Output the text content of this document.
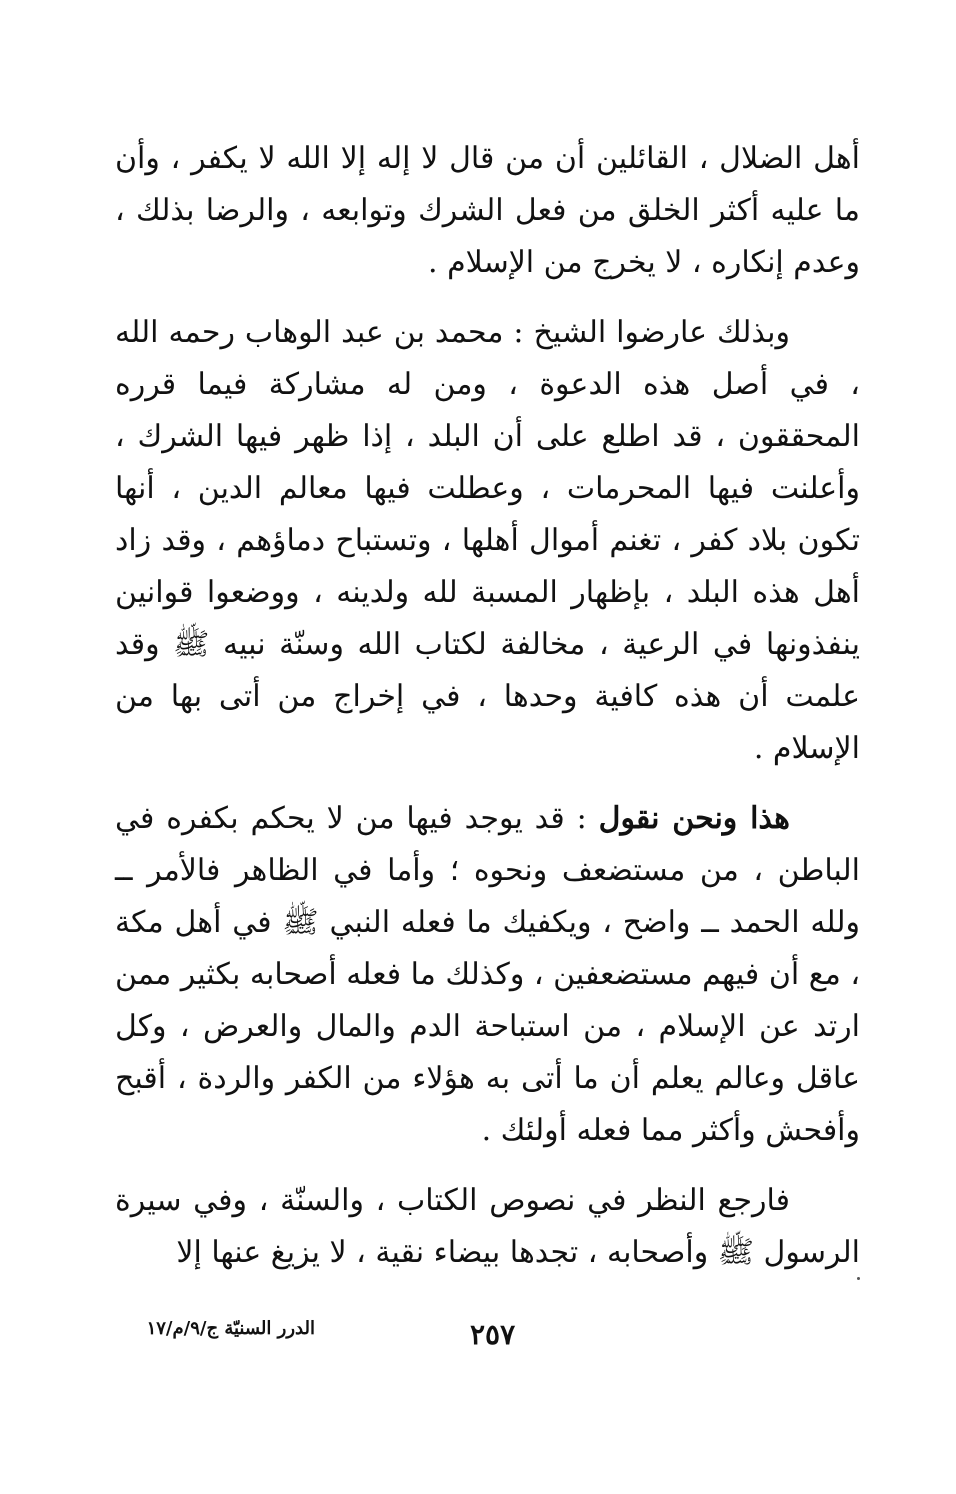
أهل الضلال ، القائلين أن من قال لا إله إلا الله لا يكفر ، وأن ما عليه أكثر الخلق من فعل الشرك وتوابعه ، والرضا بذلك ، وعدم إنكاره ، لا يخرج من الإسلام .

وبذلك عارضوا الشيخ : محمد بن عبد الوهاب رحمه الله ، في أصل هذه الدعوة ، ومن له مشاركة فيما قرره المحققون ، قد اطلع على أن البلد ، إذا ظهر فيها الشرك ، وأعلنت فيها المحرمات ، وعطلت فيها معالم الدين ، أنها تكون بلاد كفر ، تغنم أموال أهلها ، وتستباح دماؤهم ، وقد زاد أهل هذه البلد ، بإظهار المسبة لله ولدينه ، ووضعوا قوانين ينفذونها في الرعية ، مخالفة لكتاب الله وسنّة نبيه ﷺ وقد علمت أن هذه كافية وحدها ، في إخراج من أتى بها من الإسلام .

هذا ونحن نقول : قد يوجد فيها من لا يحكم بكفره في الباطن ، من مستضعف ونحوه ؛ وأما في الظاهر فالأمر ــ ولله الحمد ــ واضح ، ويكفيك ما فعله النبي ﷺ في أهل مكة ، مع أن فيهم مستضعفين ، وكذلك ما فعله أصحابه بكثير ممن ارتد عن الإسلام ، من استباحة الدم والمال والعرض ، وكل عاقل وعالم يعلم أن ما أتى به هؤلاء من الكفر والردة ، أقبح وأفحش وأكثر مما فعله أولئك .

فارجع النظر في نصوص الكتاب ، والسنّة ، وفي سيرة الرسول ﷺ وأصحابه ، تجدها بيضاء نقية ، لا يزيغ عنها إلا

٢٥٧
الدرر السنيّة ج/٩/م/١٧
